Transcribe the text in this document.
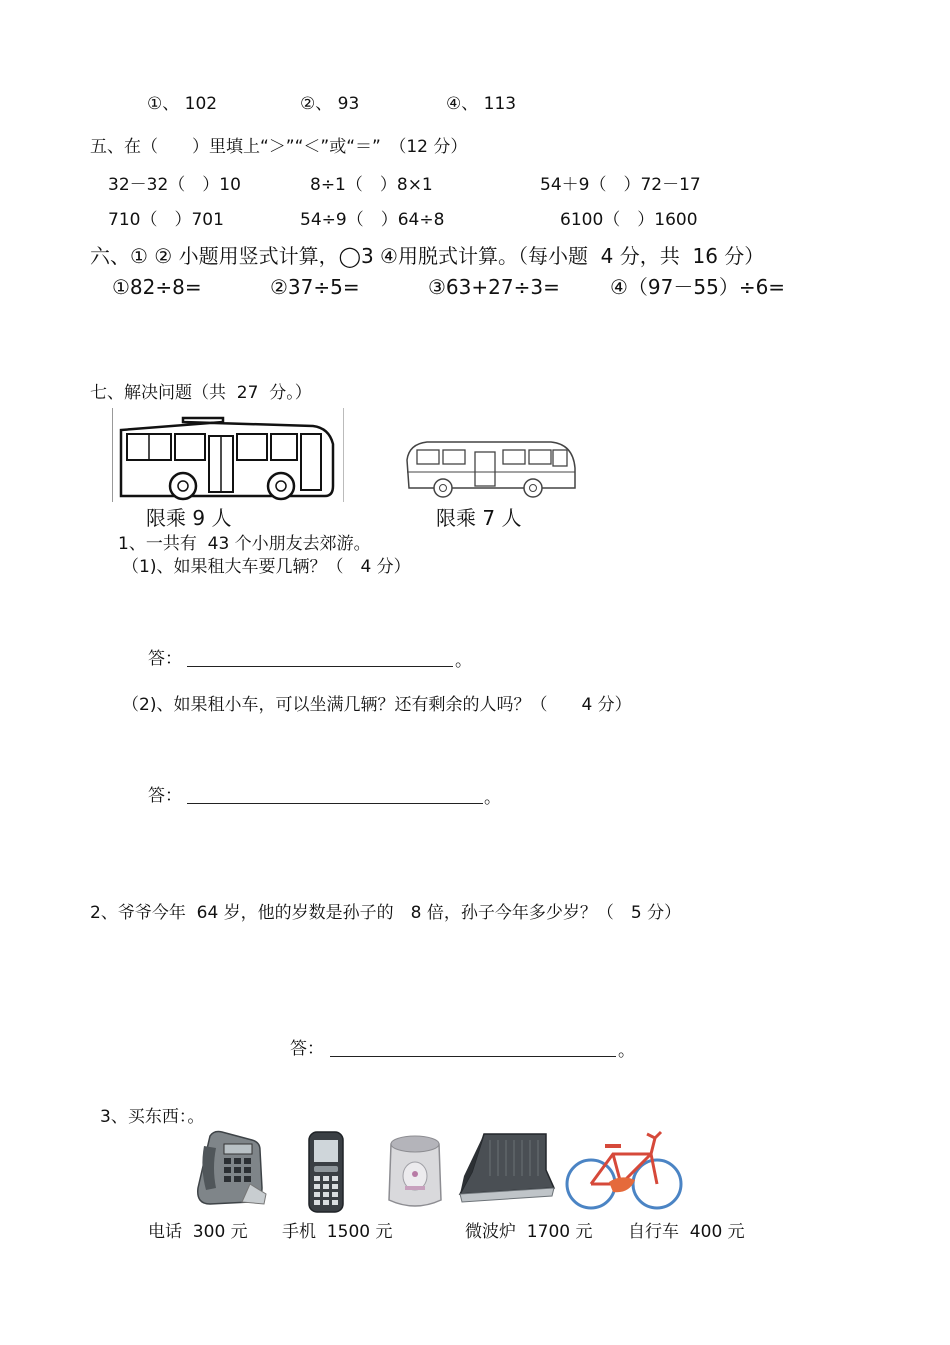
①、 102	②、 93	④、 113
五、在（　　）里填上“＞”“＜”或“＝”　（12 分）
32－32（　）10	8÷1（　）8×1	54＋9（　）72－17
710（　）701	54÷9（　）64÷8	6100（　）1600
六、① ② 小题用竖式计算，◯3 ④用脱式计算。（每小题  4 分，共  16 分）
①82÷8=	②37÷5=	③63+27÷3=	④（97－55）÷6=
七、解决问题（共  27  分。）
限乘 9 人	限乘 7 人
1、一共有  43 个小朋友去郊游。
（1)、如果租大车要几辆？（　4 分）
答：	。
（2)、如果租小车，可以坐满几辆？还有剩余的人吗？（　　4 分）
答：	。
2、爷爷今年  64 岁，他的岁数是孙子的　8 倍，孙子今年多少岁？（　5 分）
答：	。
3、买东西：。
电话  300 元 手机  1500 元	微波炉  1700 元 自行车  400 元
